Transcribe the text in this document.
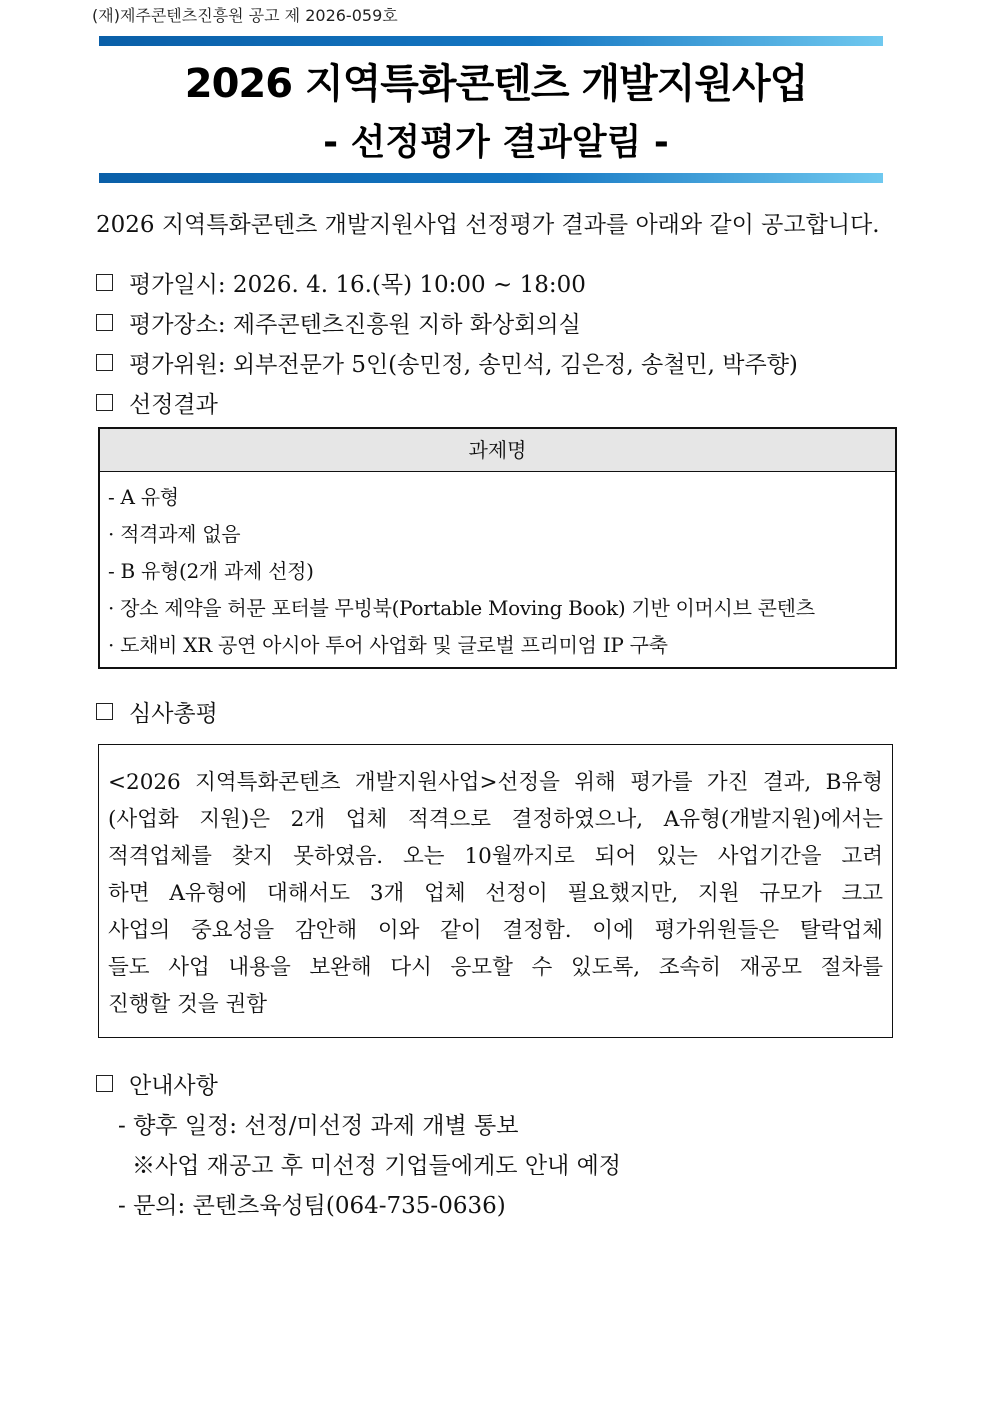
(재)제주콘텐츠진흥원 공고 제 2026-059호
2026 지역특화콘텐츠 개발지원사업
- 선정평가 결과알림 -
2026 지역특화콘텐츠 개발지원사업 선정평가 결과를 아래와 같이 공고합니다.
평가일시: 2026. 4. 16.(목) 10:00 ~ 18:00
평가장소: 제주콘텐츠진흥원 지하 화상회의실
평가위원: 외부전문가 5인(송민정, 송민석, 김은정, 송철민, 박주향)
선정결과
과제명
- A 유형
· 적격과제 없음
- B 유형(2개 과제 선정)
· 장소 제약을 허문 포터블 무빙북(Portable Moving Book) 기반 이머시브 콘텐츠
· 도채비 XR 공연 아시아 투어 사업화 및 글로벌 프리미엄 IP 구축
심사총평
<2026 지역특화콘텐츠 개발지원사업>선정을 위해 평가를 가진 결과, B유형
(사업화 지원)은 2개 업체 적격으로 결정하였으나, A유형(개발지원)에서는
적격업체를 찾지 못하였음. 오는 10월까지로 되어 있는 사업기간을 고려
하면 A유형에 대해서도 3개 업체 선정이 필요했지만, 지원 규모가 크고
사업의 중요성을 감안해 이와 같이 결정함. 이에 평가위원들은 탈락업체
들도 사업 내용을 보완해 다시 응모할 수 있도록, 조속히 재공모 절차를
진행할 것을 권함
안내사항
- 향후 일정: 선정/미선정 과제 개별 통보
※사업 재공고 후 미선정 기업들에게도 안내 예정
- 문의: 콘텐츠육성팀(064-735-0636)
